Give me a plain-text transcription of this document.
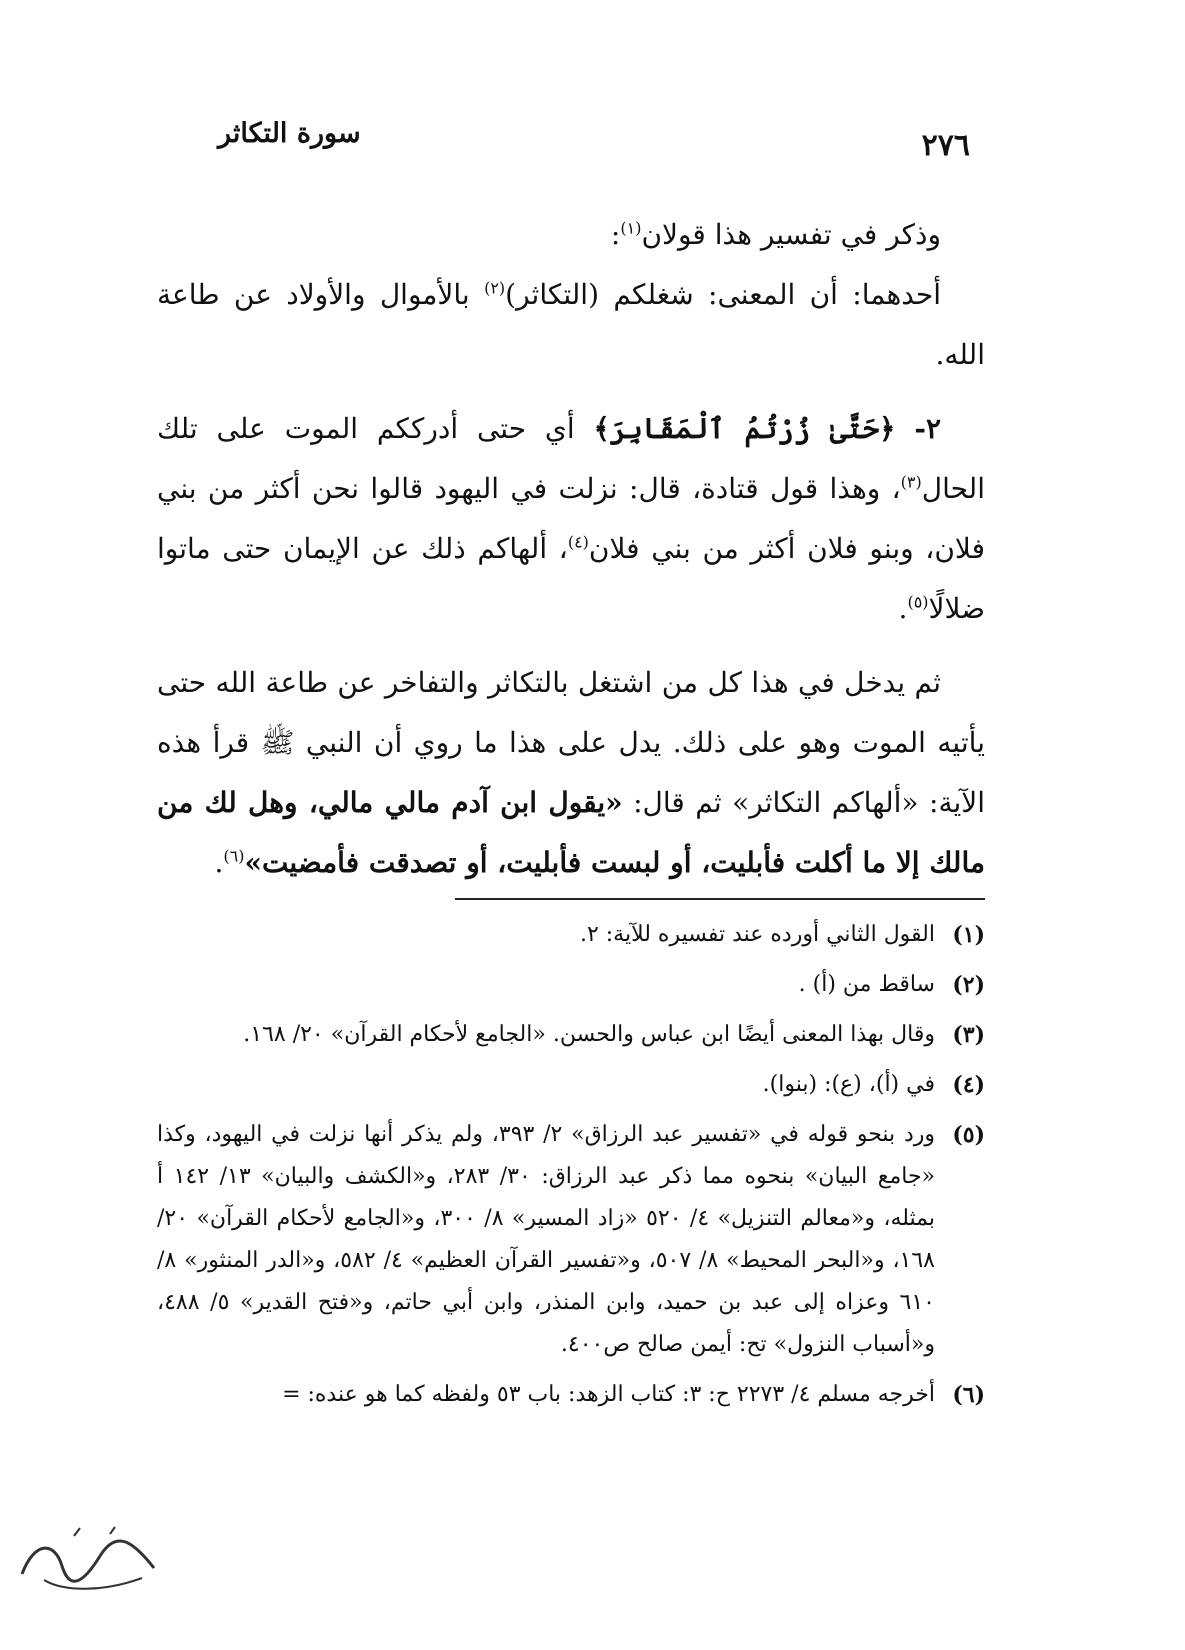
٢٧٦
سورة التكاثر

وذكر في تفسير هذا قولان$^{(١)}$:

أحدهما: أن المعنى: شغلكم (التكاثر)$^{(٢)}$ بالأموال والأولاد عن طاعة الله.

٢- ﴿حَتَّىٰ زُرْتُمُ ٱلْمَقَابِرَ﴾ أي حتى أدرككم الموت على تلك الحال$^{(٣)}$، وهذا قول قتادة، قال: نزلت في اليهود قالوا نحن أكثر من بني فلان، وبنو فلان أكثر من بني فلان$^{(٤)}$، ألهاكم ذلك عن الإيمان حتى ماتوا ضلالًا$^{(٥)}$.

ثم يدخل في هذا كل من اشتغل بالتكاثر والتفاخر عن طاعة الله حتى يأتيه الموت وهو على ذلك. يدل على هذا ما روي أن النبي ﷺ قرأ هذه الآية: «ألهاكم التكاثر» ثم قال: «يقول ابن آدم مالي مالي، وهل لك من مالك إلا ما أكلت فأبليت، أو لبست فأبليت، أو تصدقت فأمضيت»$^{(٦)}$.

(١)
القول الثاني أورده عند تفسيره للآية: ٢.
(٢)
ساقط من (أ) .
(٣)
وقال بهذا المعنى أيضًا ابن عباس والحسن. «الجامع لأحكام القرآن» ٢٠/ ١٦٨.
(٤)
في (أ)، (ع): (بنوا).
(٥)
ورد بنحو قوله في «تفسير عبد الرزاق» ٢/ ٣٩٣، ولم يذكر أنها نزلت في اليهود، وكذا «جامع البيان» بنحوه مما ذكر عبد الرزاق: ٣٠/ ٢٨٣، و«الكشف والبيان» ١٣/ ١٤٢ أ بمثله، و«معالم التنزيل» ٤/ ٥٢٠ «زاد المسير» ٨/ ٣٠٠، و«الجامع لأحكام القرآن» ٢٠/ ١٦٨، و«البحر المحيط» ٨/ ٥٠٧، و«تفسير القرآن العظيم» ٤/ ٥٨٢، و«الدر المنثور» ٨/ ٦١٠ وعزاه إلى عبد بن حميد، وابن المنذر، وابن أبي حاتم، و«فتح القدير» ٥/ ٤٨٨، و«أسباب النزول» تح: أيمن صالح ص٤٠٠.
(٦)
أخرجه مسلم ٤/ ٢٢٧٣ ح: ٣: كتاب الزهد: باب ٥٣ ولفظه كما هو عنده: =
